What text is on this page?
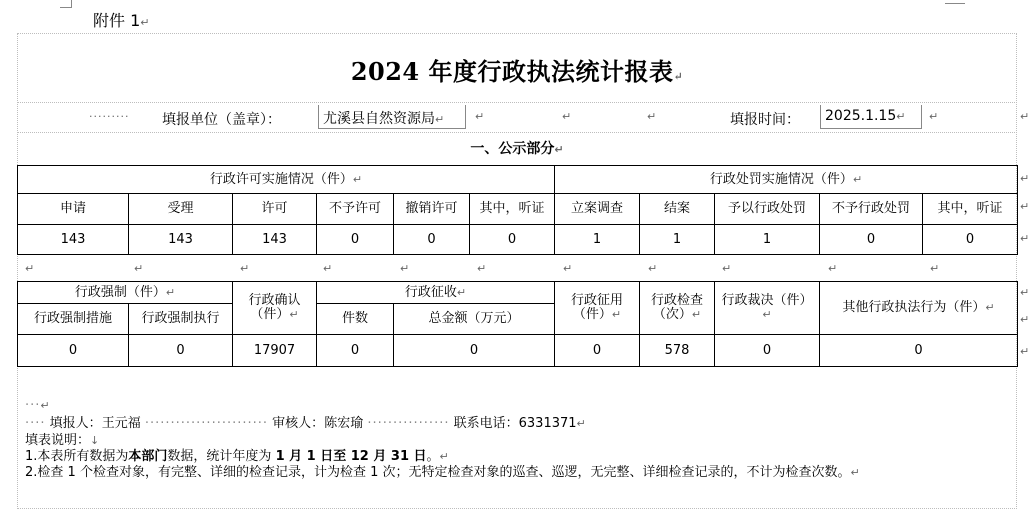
附件 1↵
2024 年度行政执法统计报表↵
········· 填报单位（盖章）：	尤溪县自然资源局↵	↵	↵	↵	填报时间：	2025.1.15↵	↵
一、公示部分↵
行政许可实施情况（件）↵						行政处罚实施情况（件）↵				
申请	受理	许可	不予许可	撤销许可	其中，听证	立案调查	结案	予以行政处罚	不予行政处罚	其中，听证
143	143	143	0	0	0	1	1	1	0	0
↵	↵	↵	↵	↵	↵	↵	↵	↵	↵	↵
行政强制（件）↵		行政确认（件）↵	行政征收↵		行政征用（件）↵	行政检查（次）↵	行政裁决（件）↵	其他行政执法行为（件）↵
行政强制措施	行政强制执行		件数	总金额（万元）				
0	0	17907	0	0	0	578	0	0
···↵
···· 填报人：王元福 ························ 审核人：陈宏瑜 ················ 联系电话：6331371↵
填表说明：↓
1.本表所有数据为本部门数据，统计年度为 1 月 1 日至 12 月 31 日。↵
2.检查 1 个检查对象，有完整、详细的检查记录，计为检查 1 次；无特定检查对象的巡查、巡逻，无完整、详细检查记录的，不计为检查次数。↵
↵
↵
↵
↵
↵
↵
↵
